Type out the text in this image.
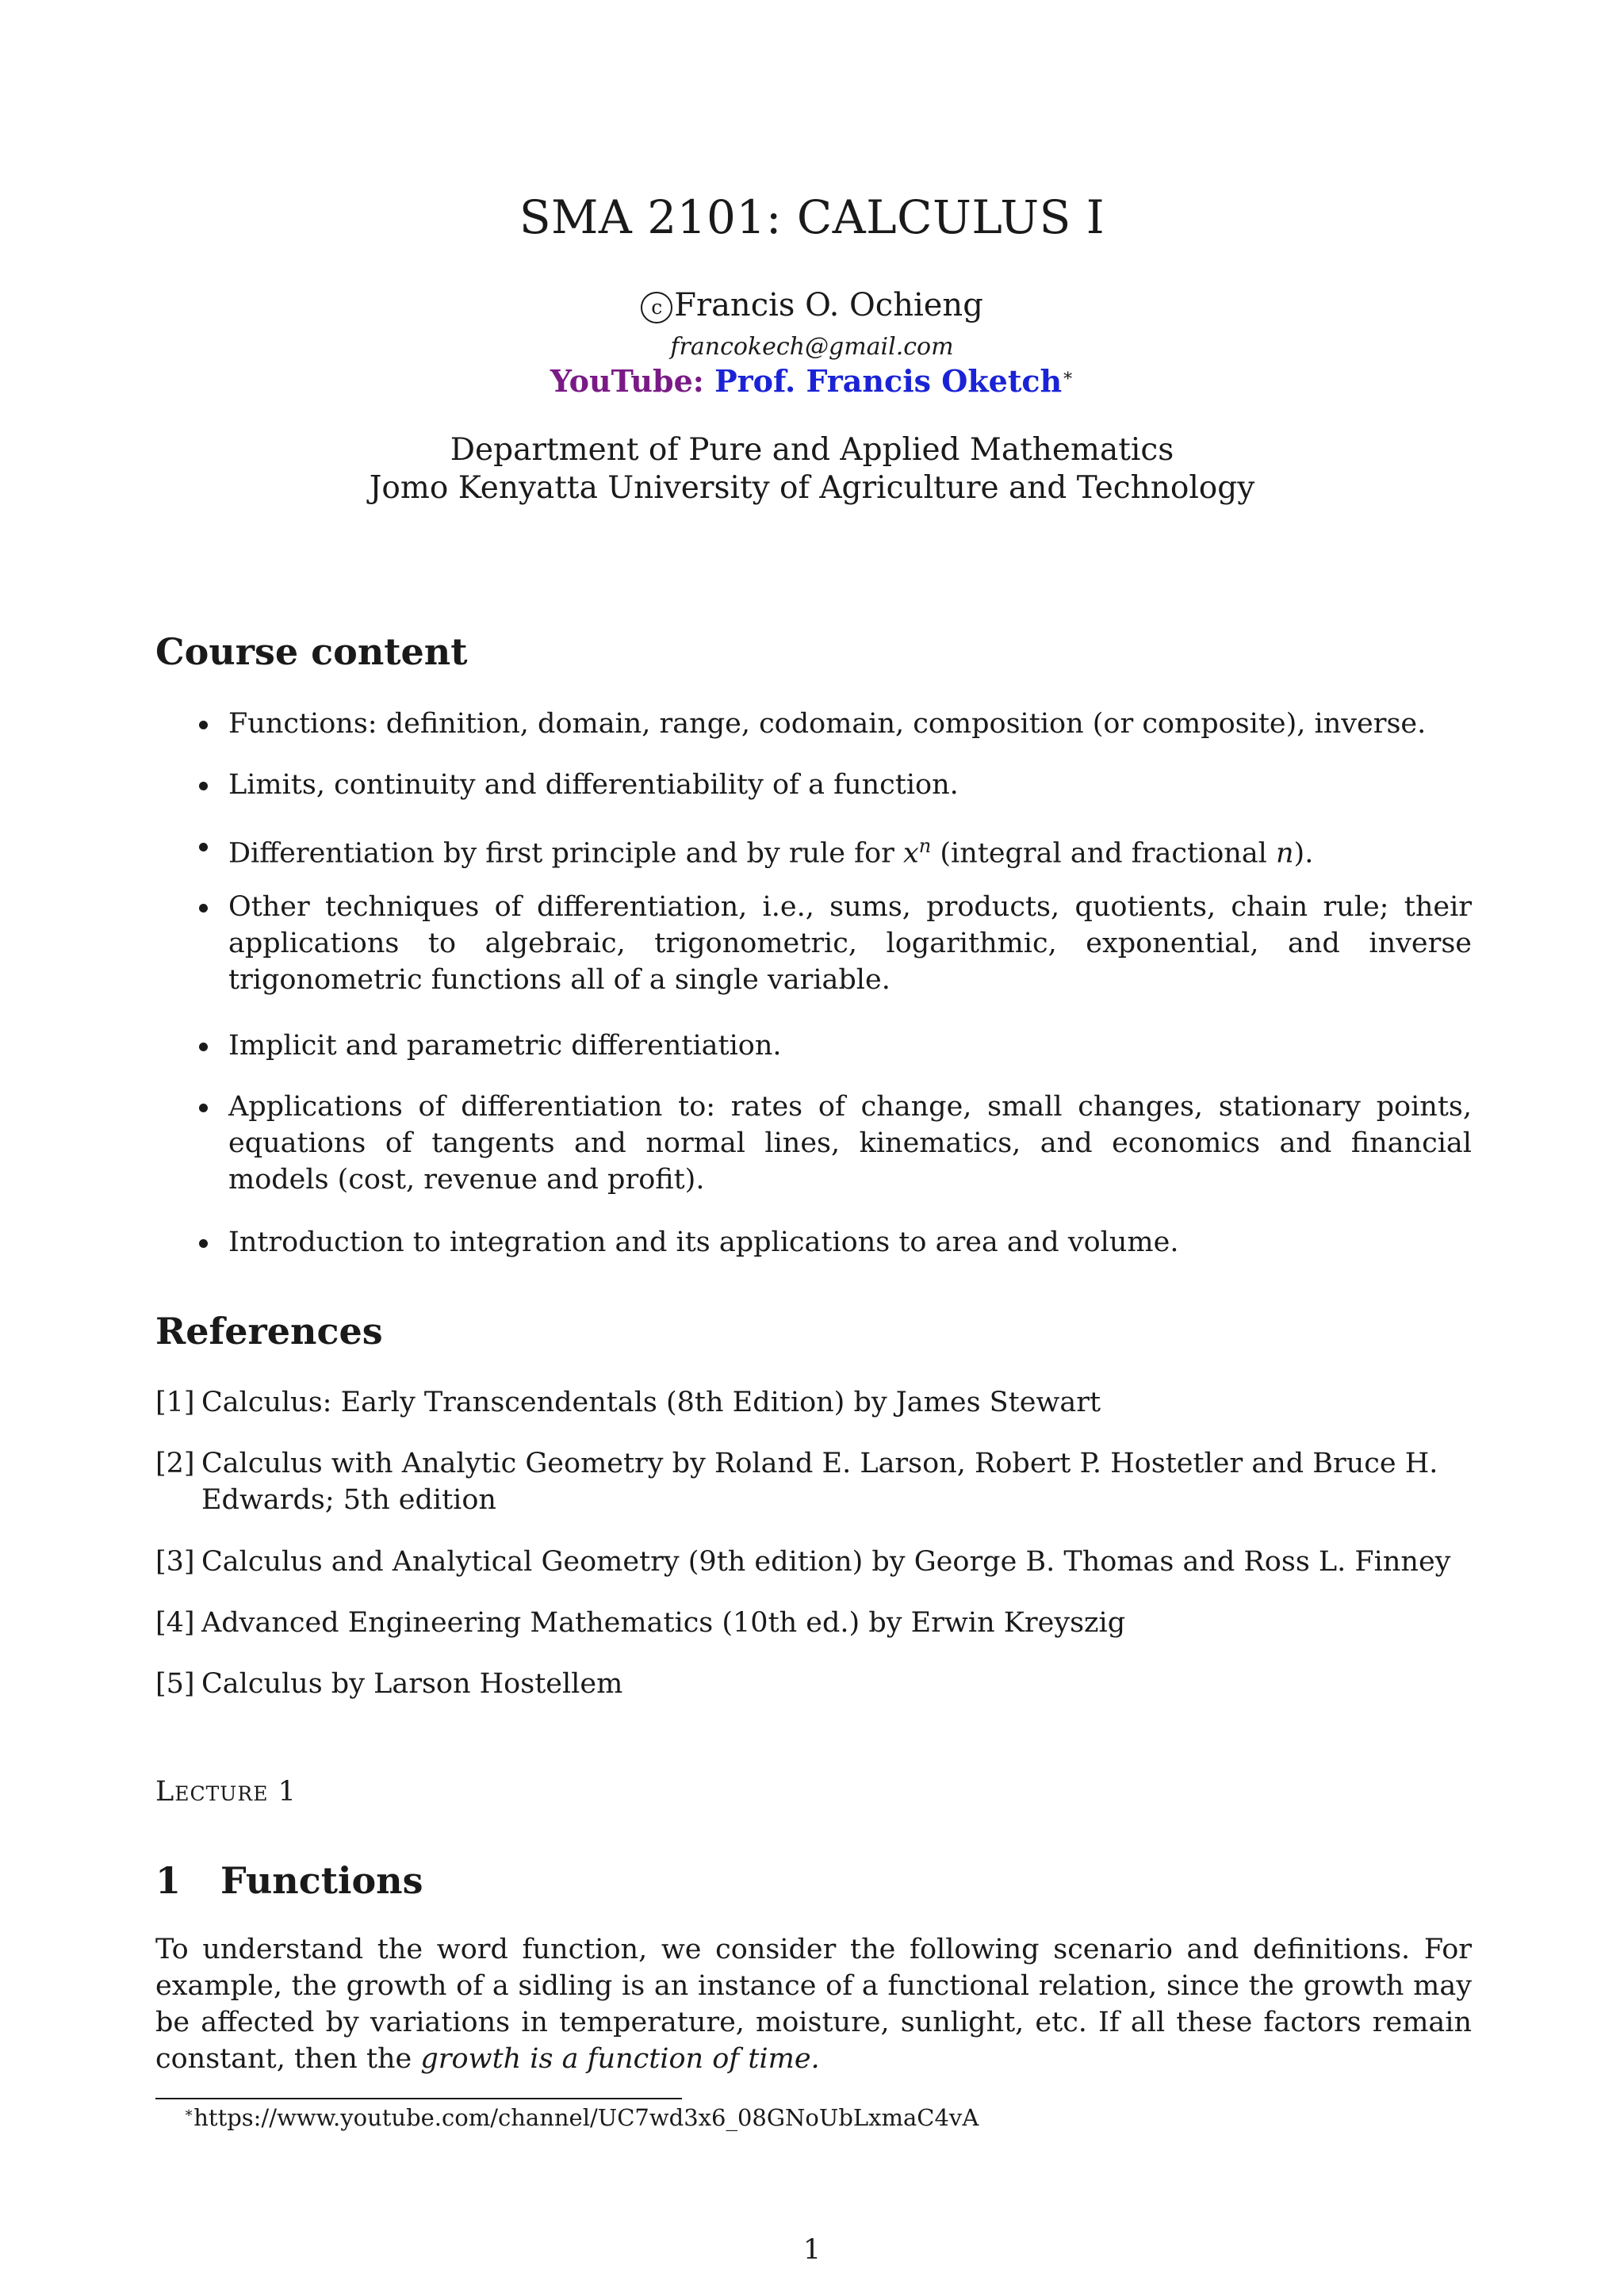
SMA 2101: CALCULUS I
c Francis O. Ochieng
francokech@gmail.com
YouTube: Prof. Francis Oketch∗
Department of Pure and Applied Mathematics
Jomo Kenyatta University of Agriculture and Technology
Course content
Functions: definition, domain, range, codomain, composition (or composite), inverse.
Limits, continuity and differentiability of a function.
Differentiation by first principle and by rule for $x^n$ (integral and fractional n).
Other techniques of differentiation, i.e., sums, products, quotients, chain rule; their applications to algebraic, trigonometric, logarithmic, exponential, and inverse trigonometric functions all of a single variable.
Implicit and parametric differentiation.
Applications of differentiation to: rates of change, small changes, stationary points, equations of tangents and normal lines, kinematics, and economics and financial models (cost, revenue and profit).
Introduction to integration and its applications to area and volume.
References
[1] Calculus: Early Transcendentals (8th Edition) by James Stewart
[2] Calculus with Analytic Geometry by Roland E. Larson, Robert P. Hostetler and Bruce H. Edwards; 5th edition
[3] Calculus and Analytical Geometry (9th edition) by George B. Thomas and Ross L. Finney
[4] Advanced Engineering Mathematics (10th ed.) by Erwin Kreyszig
[5] Calculus by Larson Hostellem
Lecture 1
1 Functions
To understand the word function, we consider the following scenario and definitions. For example, the growth of a sidling is an instance of a functional relation, since the growth may be affected by variations in temperature, moisture, sunlight, etc. If all these factors remain constant, then the growth is a function of time.
∗https://www.youtube.com/channel/UC7wd3x6_08GNoUbLxmaC4vA
1
